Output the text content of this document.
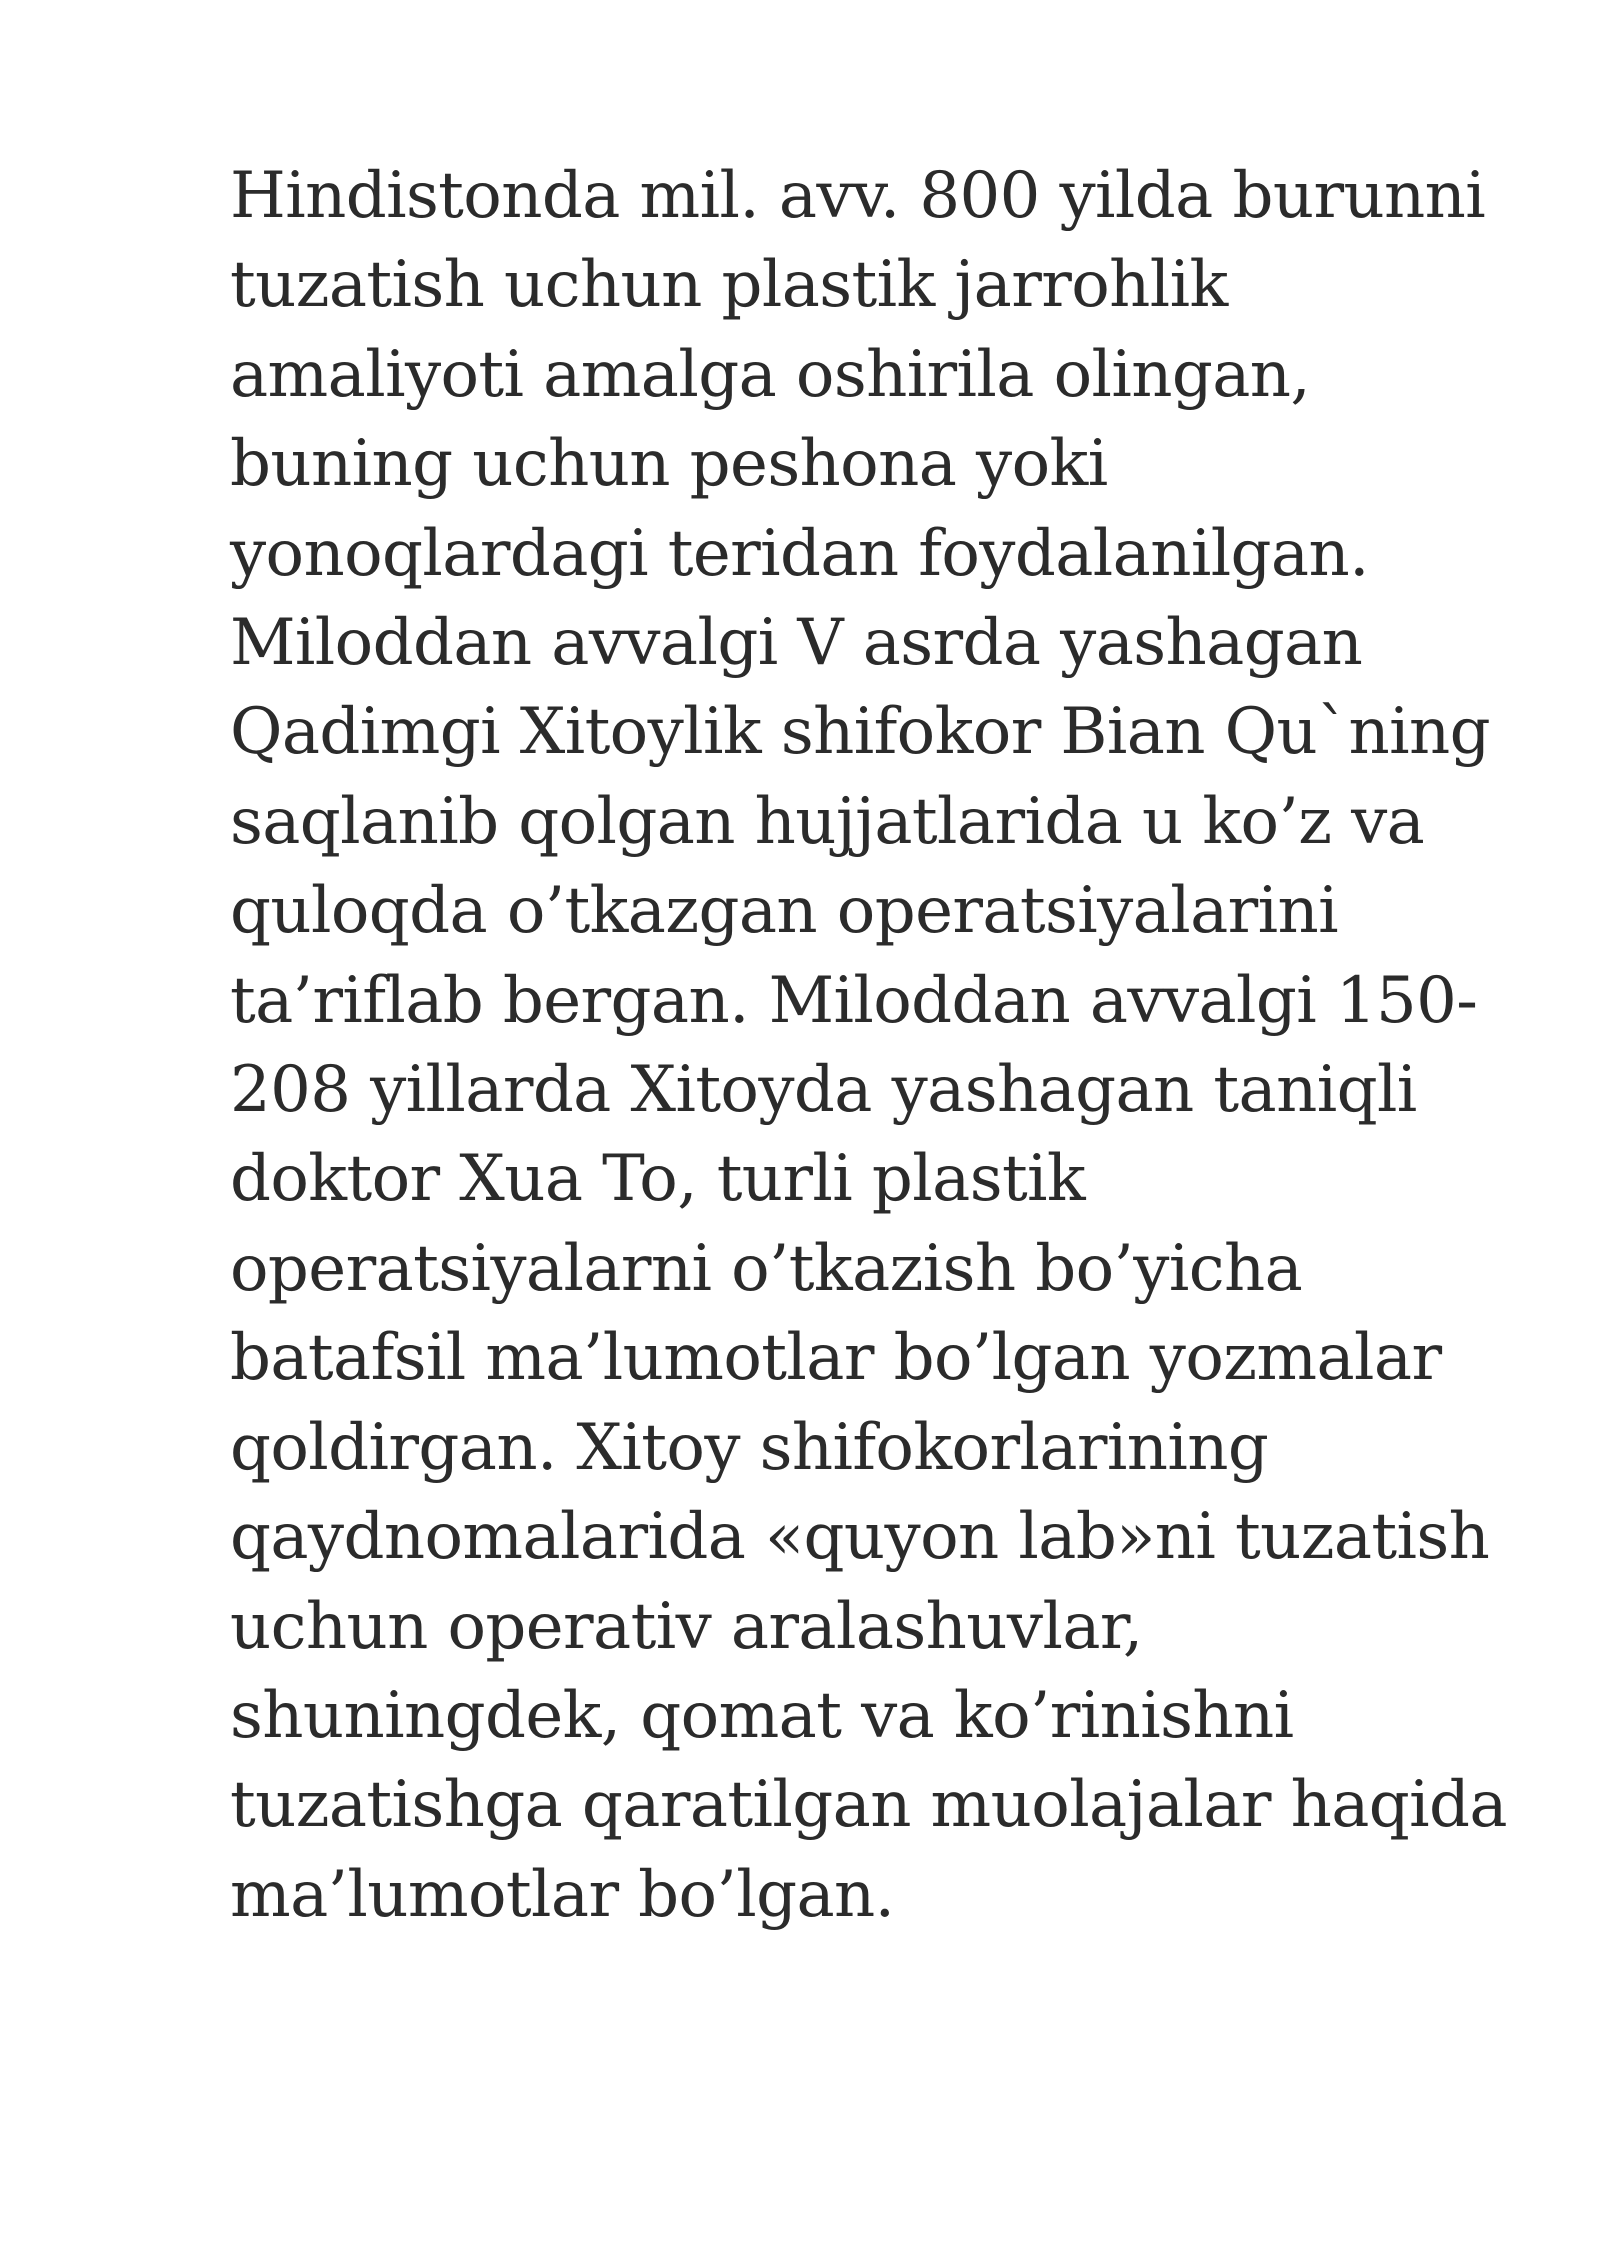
Hindistonda mil. avv. 800 yilda burunni
tuzatish uchun plastik jarrohlik
amaliyoti amalga oshirila olingan,
buning uchun peshona yoki
yonoqlardagi teridan foydalanilgan.
Miloddan avvalgi V asrda yashagan
Qadimgi Xitoylik shifokor Bian Qu`ning
saqlanib qolgan hujjatlarida u ko’z va
quloqda o’tkazgan operatsiyalarini
ta’riflab bergan. Miloddan avvalgi 150-
208 yillarda Xitoyda yashagan taniqli
doktor Xua To, turli plastik
operatsiyalarni o’tkazish bo’yicha
batafsil ma’lumotlar bo’lgan yozmalar
qoldirgan. Xitoy shifokorlarining
qaydnomalarida «quyon lab»ni tuzatish
uchun operativ aralashuvlar,
shuningdek, qomat va ko’rinishni
tuzatishga qaratilgan muolajalar haqida
ma’lumotlar bo’lgan.
